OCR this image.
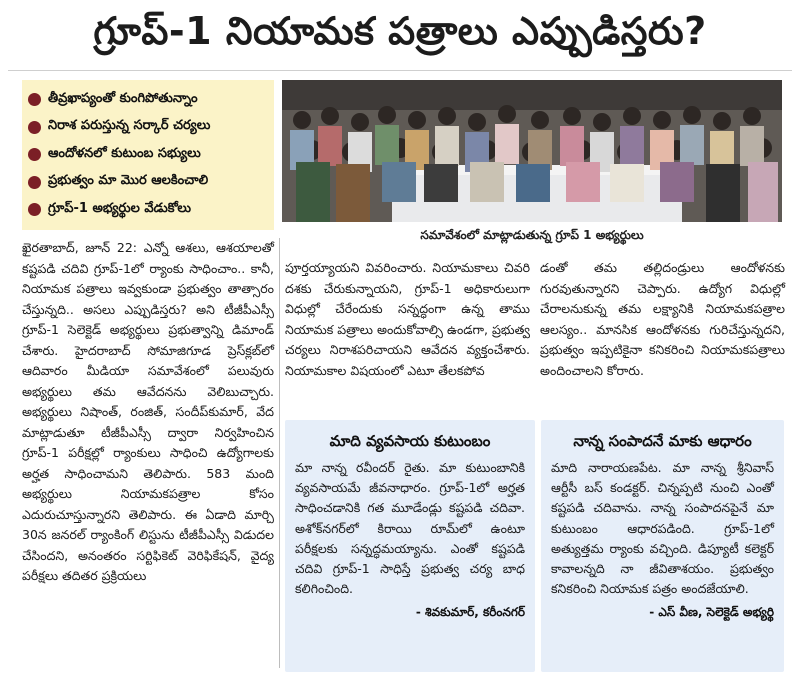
గ్రూప్-1 నియామక పత్రాలు ఎప్పుడిస్తరు?
తీవ్రఖాప్యంతో కుంగిపోతున్నాం
నిరాశ పరుస్తున్న సర్కార్ చర్యలు
ఆందోళనలో కుటుంబ సభ్యులు
ప్రభుత్వం మా మొర ఆలకించాలి
గ్రూప్-1 అభ్యర్థుల వేడుకోలు
సమావేశంలో మాట్లాడుతున్న గ్రూప్ 1 అభ్యర్థులు

ఖైరతాబాద్, జూన్ 22: ఎన్నో ఆశలు, ఆశయాలతో కష్టపడి చదివి గ్రూప్-1లో ర్యాంకు సాధించాం.. కానీ, నియామక పత్రాలు ఇవ్వకుండా ప్రభుత్వం తాత్సారం చేస్తున్నది.. అసలు ఎప్పుడిస్తరు? అని టీజీపీఎస్సీ గ్రూప్-1 సెలెక్టెడ్ అభ్యర్థులు ప్రభుత్వాన్ని డిమాండ్ చేశారు. హైదరాబాద్ సోమాజిగూడ ప్రెస్‌క్లబ్‌లో ఆదివారం మీడియా సమావేశంలో పలువురు అభ్యర్థులు తమ ఆవేదనను వెలిబుచ్చారు. అభ్యర్థులు నిషాంత్, రంజిత్, సందీప్‌కుమార్, వేద మాట్లాడుతూ టీజీపీఎస్సీ ద్వారా నిర్వహించిన గ్రూప్-1 పరీక్షల్లో ర్యాంకులు సాధించి ఉద్యోగాలకు అర్హత సాధించామని తెలిపారు. 583 మంది అభ్యర్థులు నియామకపత్రాల కోసం ఎదురుచూస్తున్నారని తెలిపారు. ఈ ఏడాది మార్చి 30న జనరల్ ర్యాంకింగ్ లిస్టును టీజీపీఎస్సీ విడుదల చేసిందని, అనంతరం సర్టిఫికెట్ వెరిఫికేషన్, వైద్య పరీక్షలు తదితర ప్రక్రియలు

పూర్తయ్యాయని వివరించారు. నియామకాలు చివరి దశకు చేరుకున్నాయని, గ్రూప్-1 అధికారులుగా విధుల్లో చేరేందుకు సన్నద్ధంగా ఉన్న తాము నియామక పత్రాలు అందుకోవాల్సి ఉండగా, ప్రభుత్వ చర్యలు నిరాశపరిచాయని ఆవేదన వ్యక్తంచేశారు. నియామకాల విషయంలో ఎటూ తేలకపోవ

డంతో తమ తల్లిదండ్రులు ఆందోళనకు గురవుతున్నారని చెప్పారు. ఉద్యోగ విధుల్లో చేరాలనుకున్న తమ లక్ష్యానికి నియామకపత్రాల ఆలస్యం.. మానసిక ఆందోళనకు గురిచేస్తున్నదని, ప్రభుత్వం ఇప్పటికైనా కనికరించి నియామకపత్రాలు అందించాలని కోరారు.

మాది వ్యవసాయ కుటుంబం
మా నాన్న రవీందర్ రైతు. మా కుటుంబానికి వ్యవసాయమే జీవనాధారం. గ్రూప్-1లో అర్హత సాధించడానికి గత మూడేండ్లు కష్టపడి చదివా. అశోక్‌నగర్‌లో కిరాయి రూమ్‌లో ఉంటూ పరీక్షలకు సన్నద్ధమయ్యాను. ఎంతో కష్టపడి చదివి గ్రూప్-1 సాధిస్తే ప్రభుత్వ చర్య బాధ కలిగించింది.
- శివకుమార్, కరీంనగర్
నాన్న సంపాదనే మాకు ఆధారం
మాది నారాయణపేట. మా నాన్న శ్రీనివాస్ ఆర్టీసీ బస్ కండక్టర్. చిన్నప్పటి నుంచి ఎంతో కష్టపడి చదివాను. నాన్న సంపాదనపైనే మా కుటుంబం ఆధారపడింది. గ్రూప్-1లో అత్యుత్తమ ర్యాంకు వచ్చింది. డిప్యూటీ కలెక్టర్ కావాలన్నది నా జీవితాశయం. ప్రభుత్వం కనికరించి నియామక పత్రం అందజేయాలి.
- ఎస్ వీణ, సెలెక్టెడ్ అభ్యర్థి
